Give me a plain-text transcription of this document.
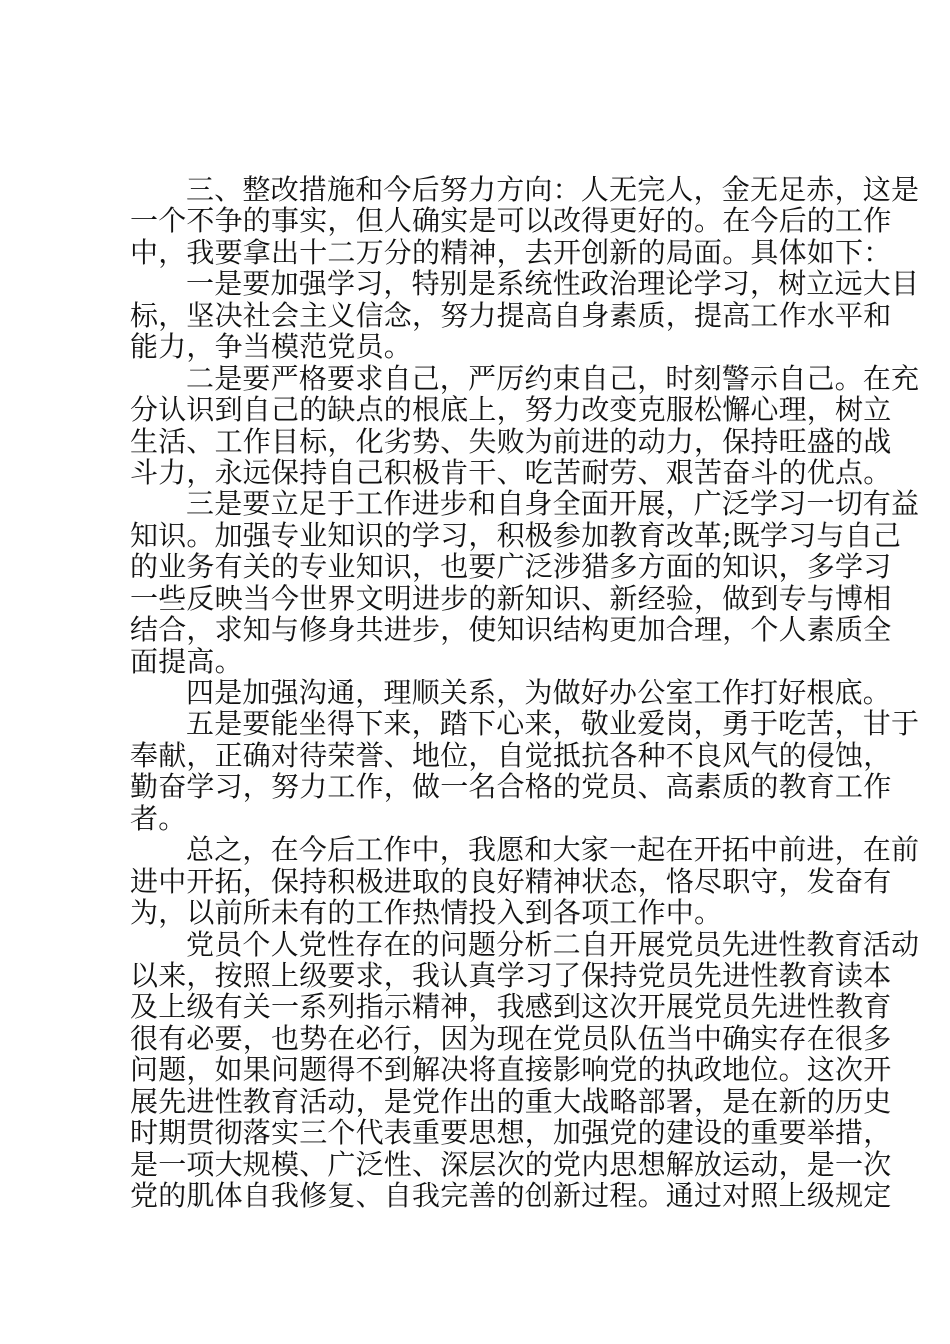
三、整改措施和今后努力方向：人无完人，金无足赤，这是
一个不争的事实，但人确实是可以改得更好的。在今后的工作
中，我要拿出十二万分的精神，去开创新的局面。具体如下：
一是要加强学习，特别是系统性政治理论学习，树立远大目
标，坚决社会主义信念，努力提高自身素质，提高工作水平和
能力，争当模范党员。
二是要严格要求自己，严厉约束自己，时刻警示自己。在充
分认识到自己的缺点的根底上，努力改变克服松懈心理，树立
生活、工作目标，化劣势、失败为前进的动力，保持旺盛的战
斗力，永远保持自己积极肯干、吃苦耐劳、艰苦奋斗的优点。
三是要立足于工作进步和自身全面开展，广泛学习一切有益
知识。加强专业知识的学习，积极参加教育改革;既学习与自己
的业务有关的专业知识，也要广泛涉猎多方面的知识，多学习
一些反映当今世界文明进步的新知识、新经验，做到专与博相
结合，求知与修身共进步，使知识结构更加合理，个人素质全
面提高。
四是加强沟通，理顺关系，为做好办公室工作打好根底。
五是要能坐得下来，踏下心来，敬业爱岗，勇于吃苦，甘于
奉献，正确对待荣誉、地位，自觉抵抗各种不良风气的侵蚀，
勤奋学习，努力工作，做一名合格的党员、高素质的教育工作
者。
总之，在今后工作中，我愿和大家一起在开拓中前进，在前
进中开拓，保持积极进取的良好精神状态，恪尽职守，发奋有
为，以前所未有的工作热情投入到各项工作中。
党员个人党性存在的问题分析二自开展党员先进性教育活动
以来，按照上级要求，我认真学习了保持党员先进性教育读本
及上级有关一系列指示精神，我感到这次开展党员先进性教育
很有必要，也势在必行，因为现在党员队伍当中确实存在很多
问题，如果问题得不到解决将直接影响党的执政地位。这次开
展先进性教育活动，是党作出的重大战略部署，是在新的历史
时期贯彻落实三个代表重要思想，加强党的建设的重要举措，
是一项大规模、广泛性、深层次的党内思想解放运动，是一次
党的肌体自我修复、自我完善的创新过程。通过对照上级规定
